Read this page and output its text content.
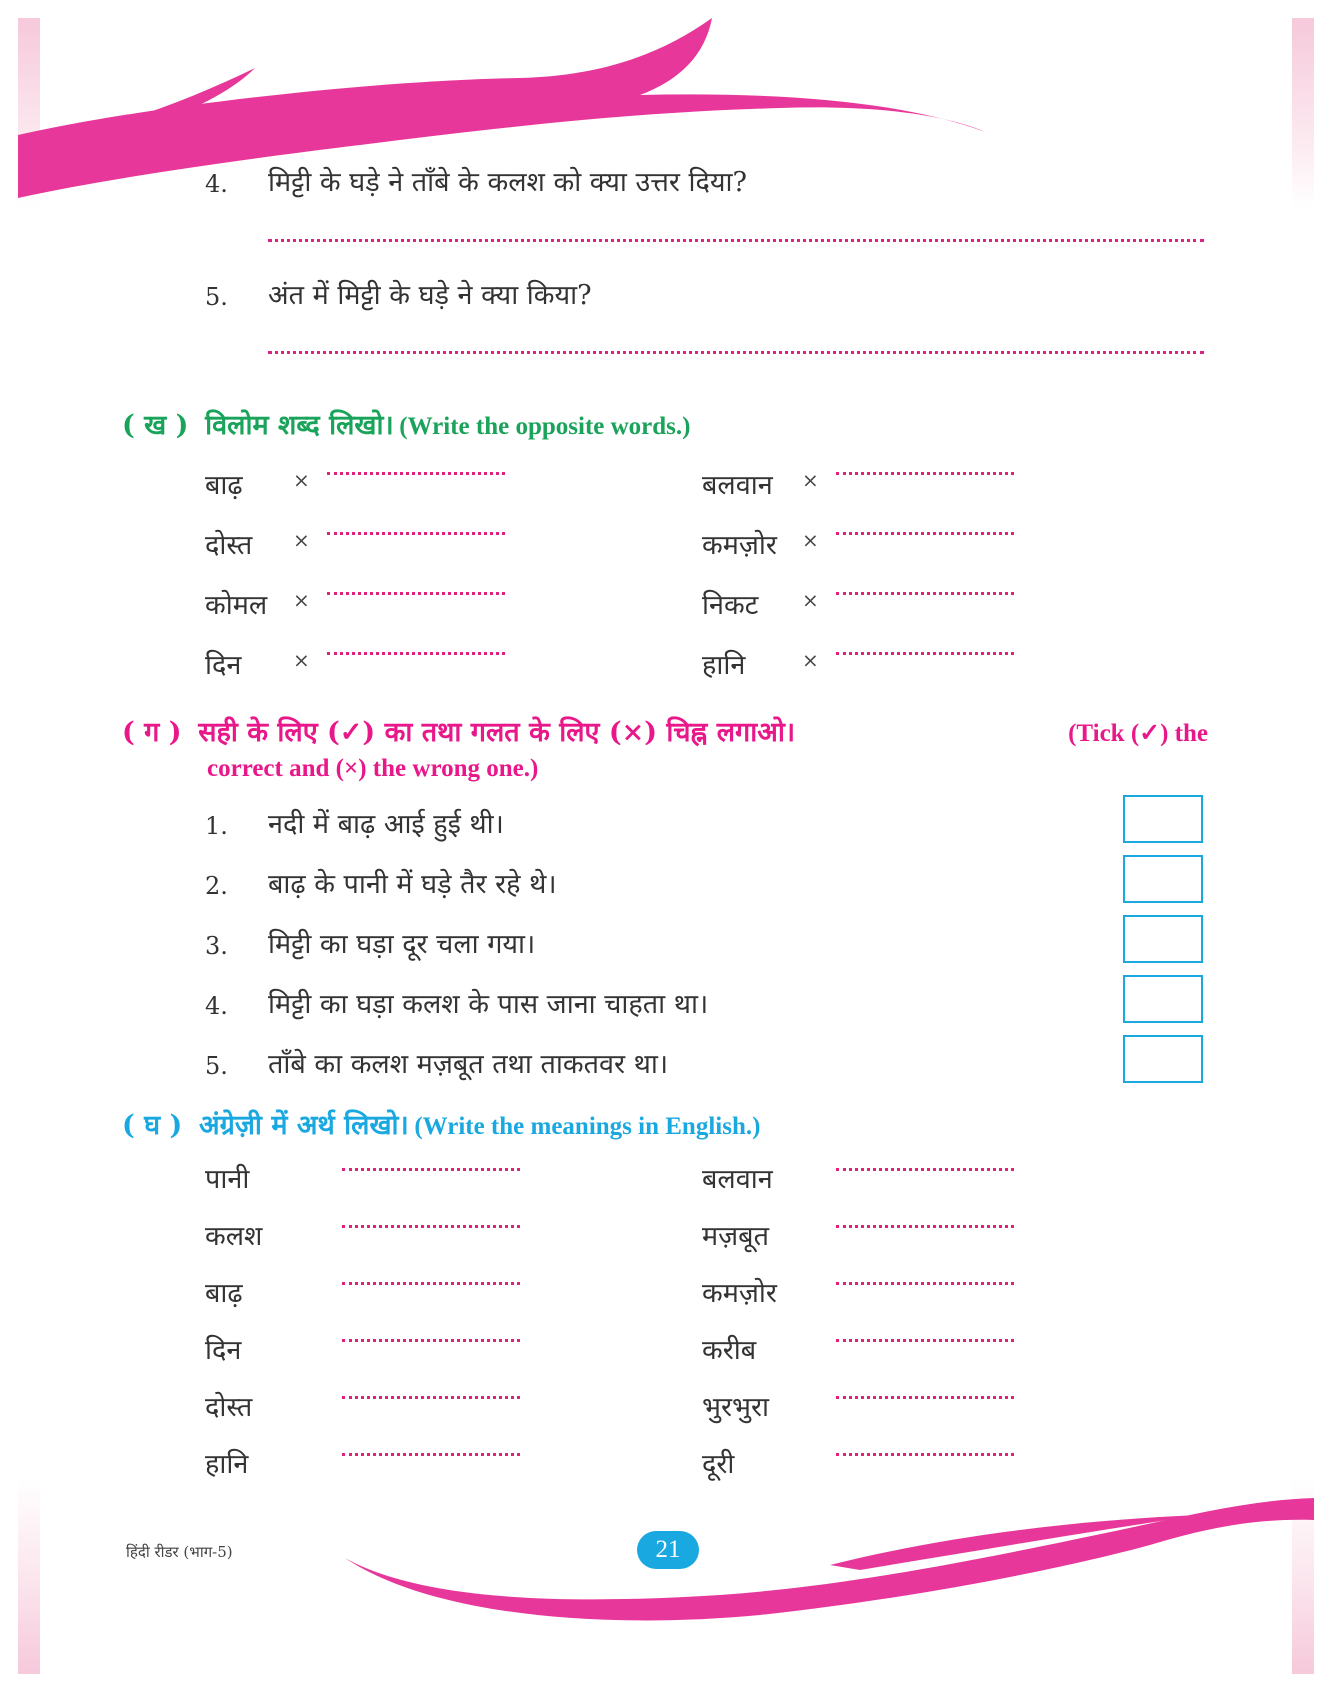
4.	मिट्टी के घड़े ने ताँबे के कलश को क्या उत्तर दिया?
5.	अंत में मिट्टी के घड़े ने क्या किया?
( ख ) विलोम शब्द लिखो। (Write the opposite words.)
बाढ़	×	बलवान ×
दोस्त ×	कमज़ोर ×
कोमल ×	निकट ×
दिन	×	हानि	×
( ग ) सही के लिए (✓) का तथा गलत के लिए (×) चिह्न लगाओ।	(Tick (✓) the
correct and (×) the wrong one.)
1.	नदी में बाढ़ आई हुई थी।
2.	बाढ़ के पानी में घड़े तैर रहे थे।
3.	मिट्टी का घड़ा दूर चला गया।
4.	मिट्टी का घड़ा कलश के पास जाना चाहता था।
5.	ताँबे का कलश मज़बूत तथा ताकतवर था।
( घ ) अंग्रेज़ी में अर्थ लिखो। (Write the meanings in English.)
पानी	बलवान
कलश	मज़बूत
बाढ़	कमज़ोर
दिन	करीब
दोस्त	भुरभुरा
हानि	दूरी
हिंदी रीडर (भाग-5)	21
